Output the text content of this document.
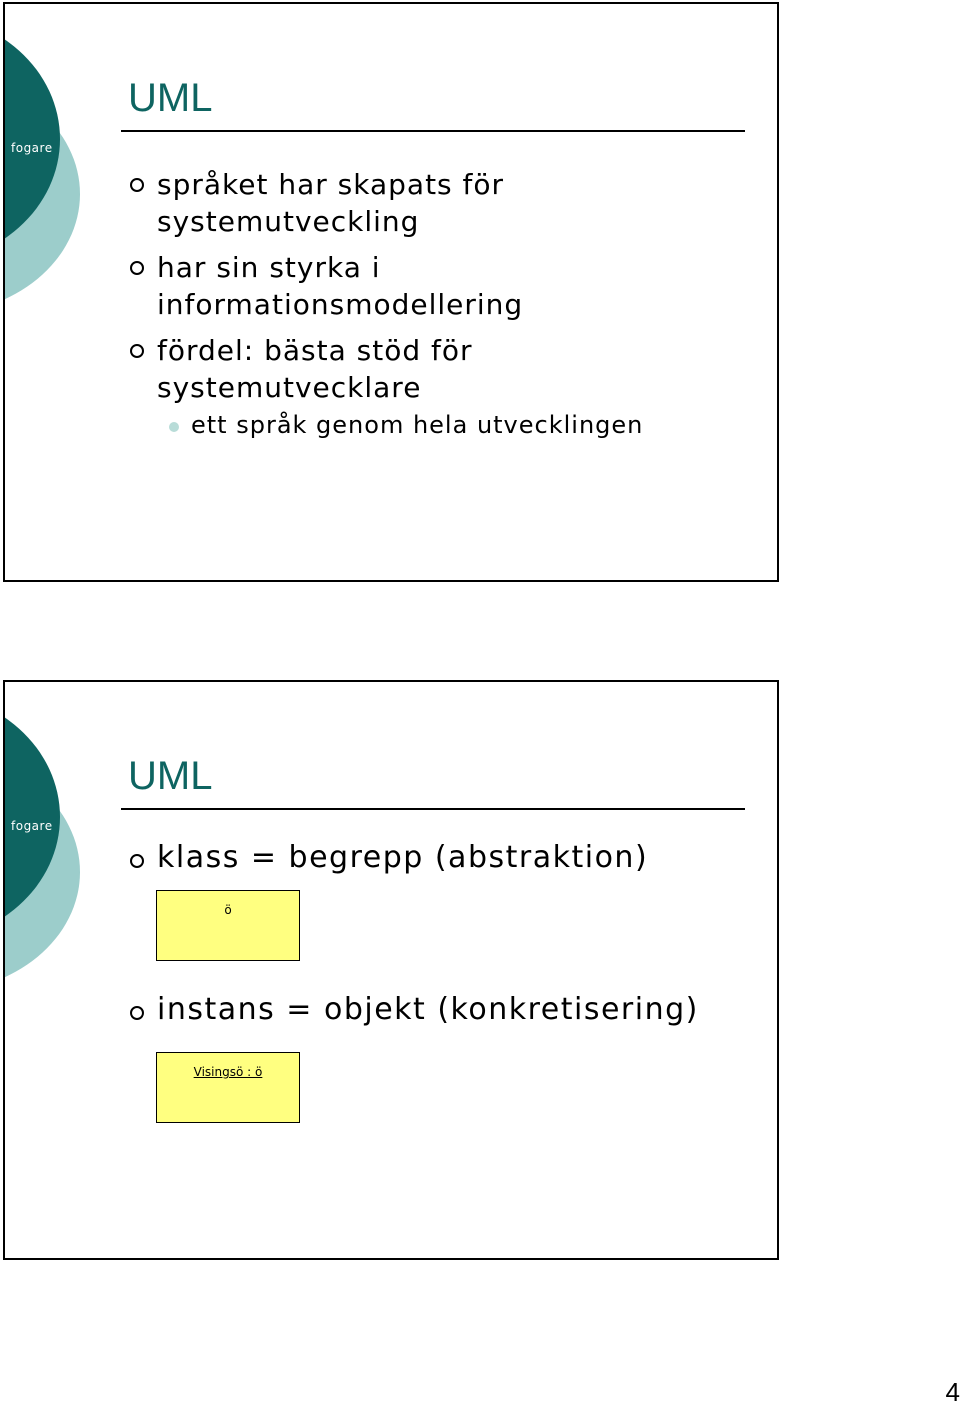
fogare
UML
språket har skapats för
systemutveckling
har sin styrka i
informationsmodellering
fördel: bästa stöd för
systemutvecklare
ett språk genom hela utvecklingen
fogare
UML
klass = begrepp (abstraktion)
ö
instans = objekt (konkretisering)
Visingsö : ö
4
